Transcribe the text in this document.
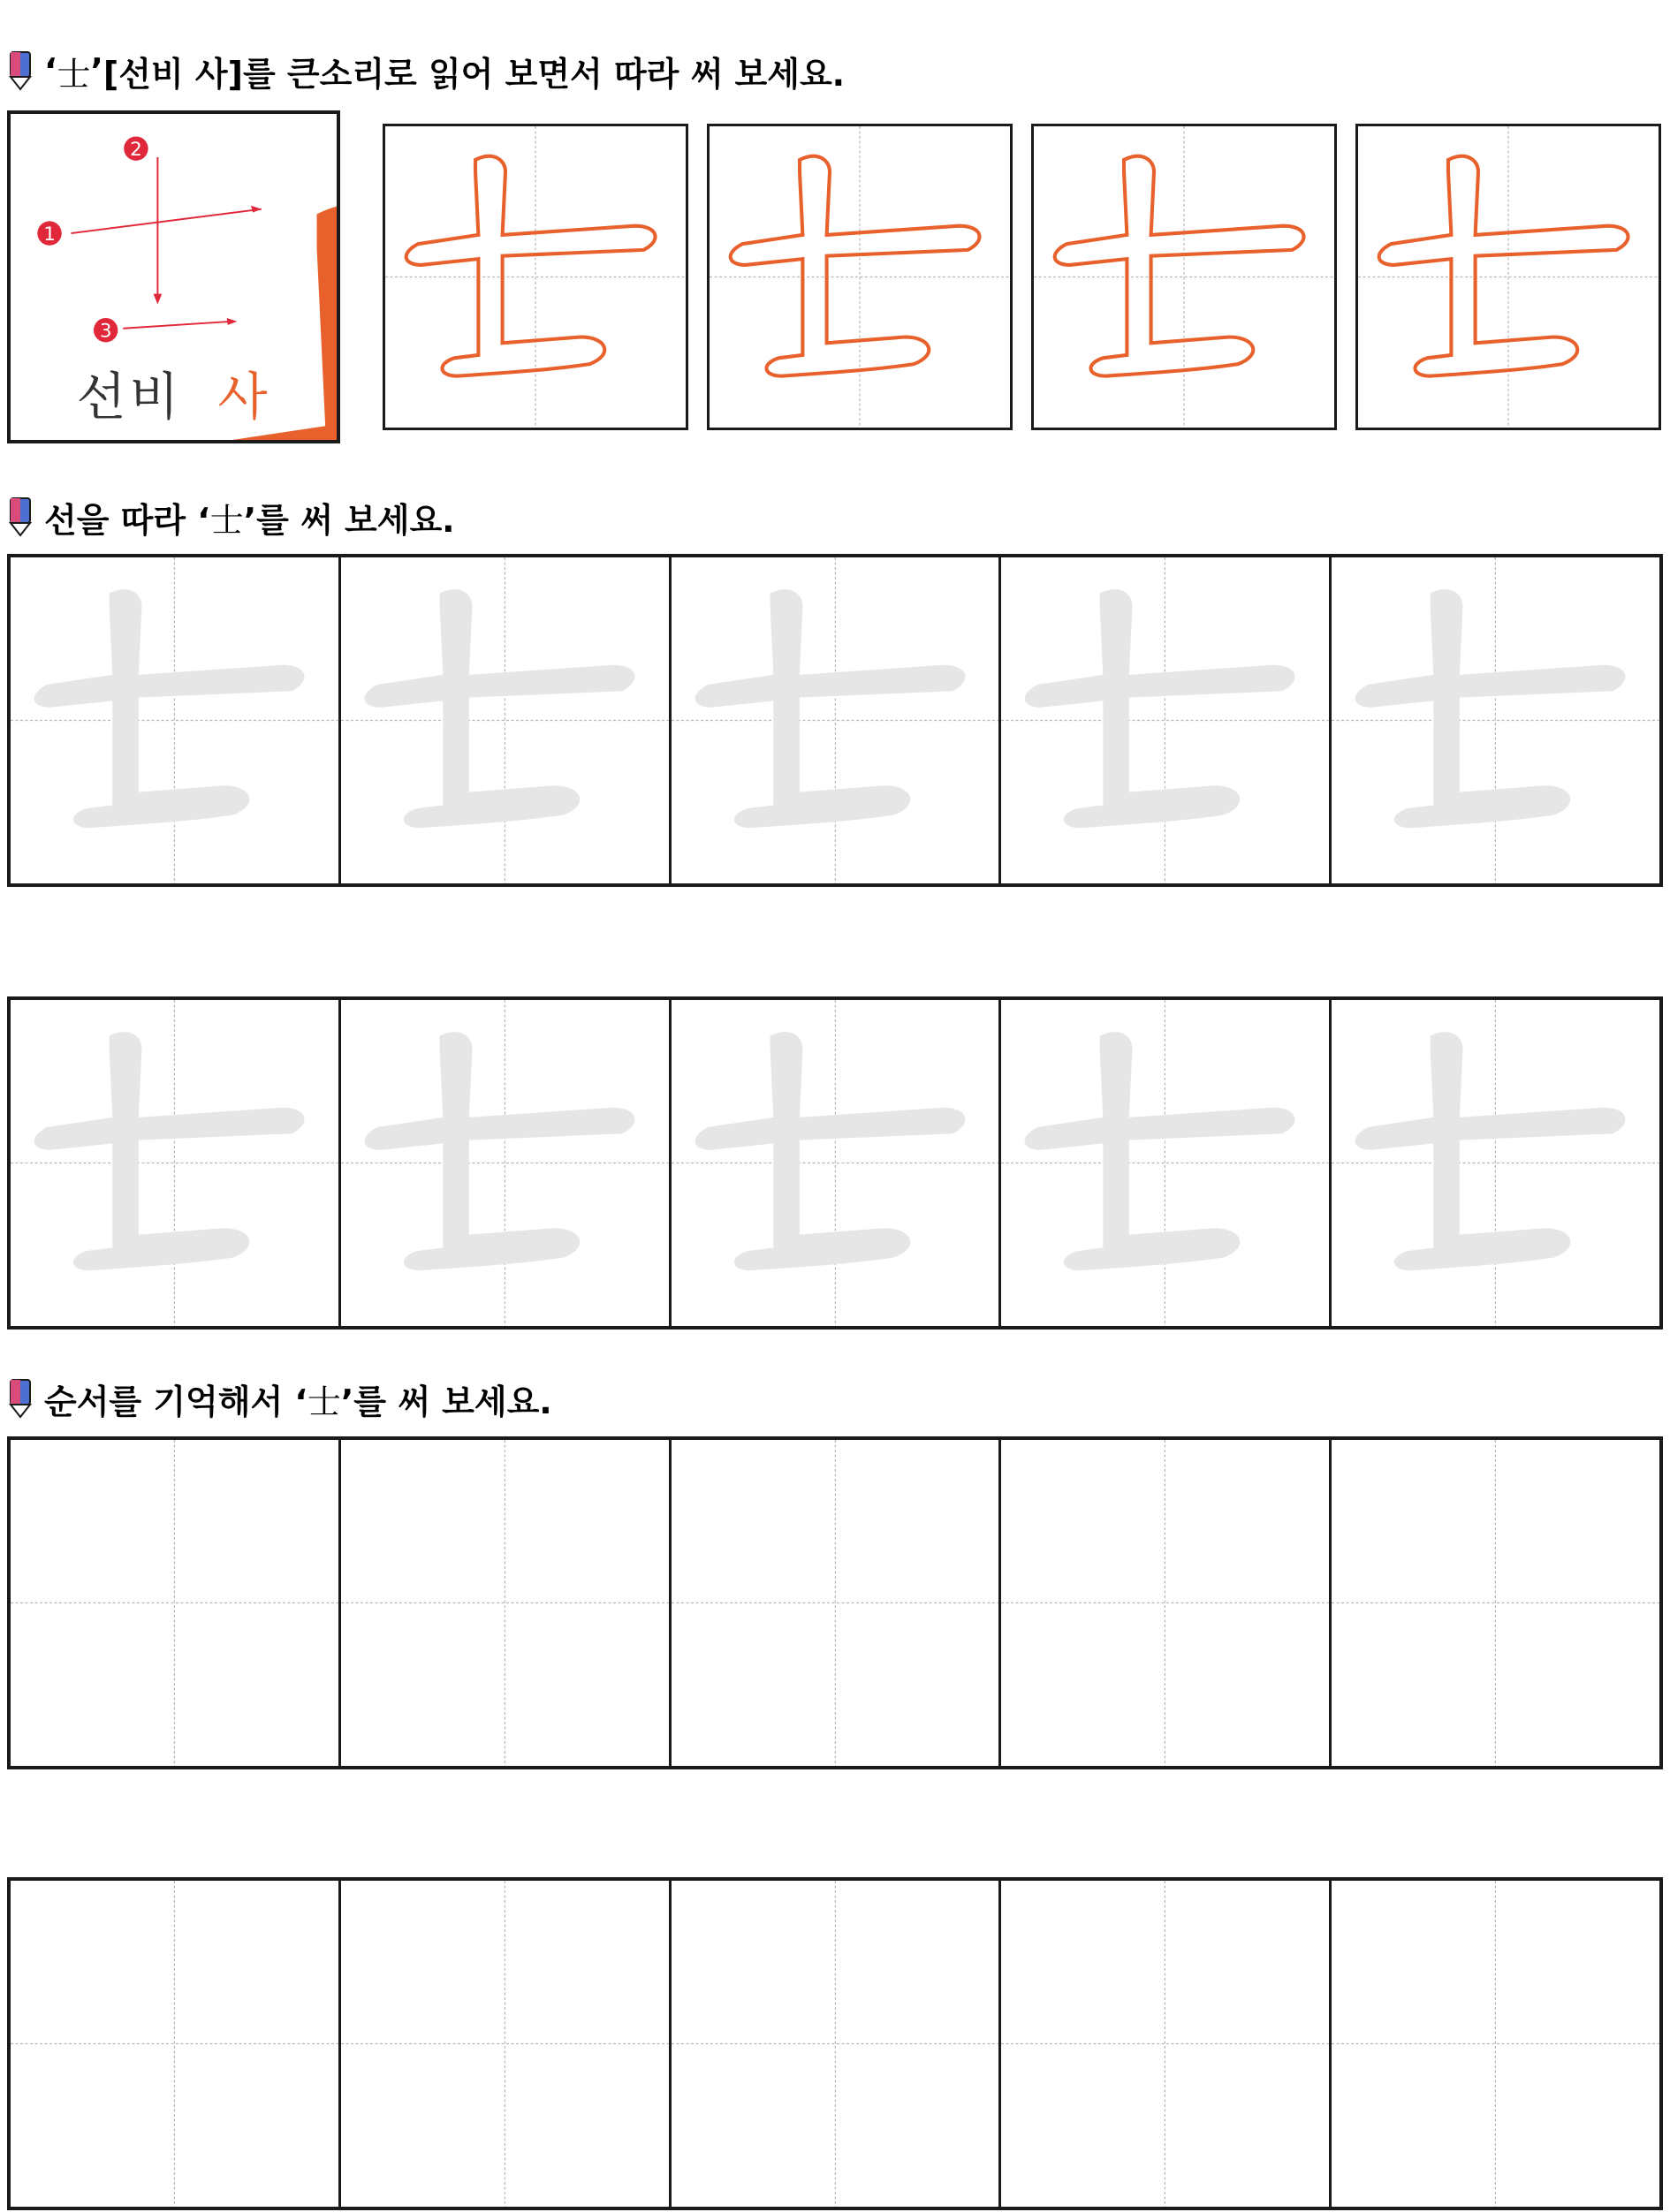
‘ 士 ’ [선비 사]를 큰소리로 읽어 보면서 따라 써 보세요.
1
2
3
선비 사
선을 따라 ‘ 士 ’를 써 보세요.
순서를 기억해서 ‘ 士 ’를 써 보세요.
